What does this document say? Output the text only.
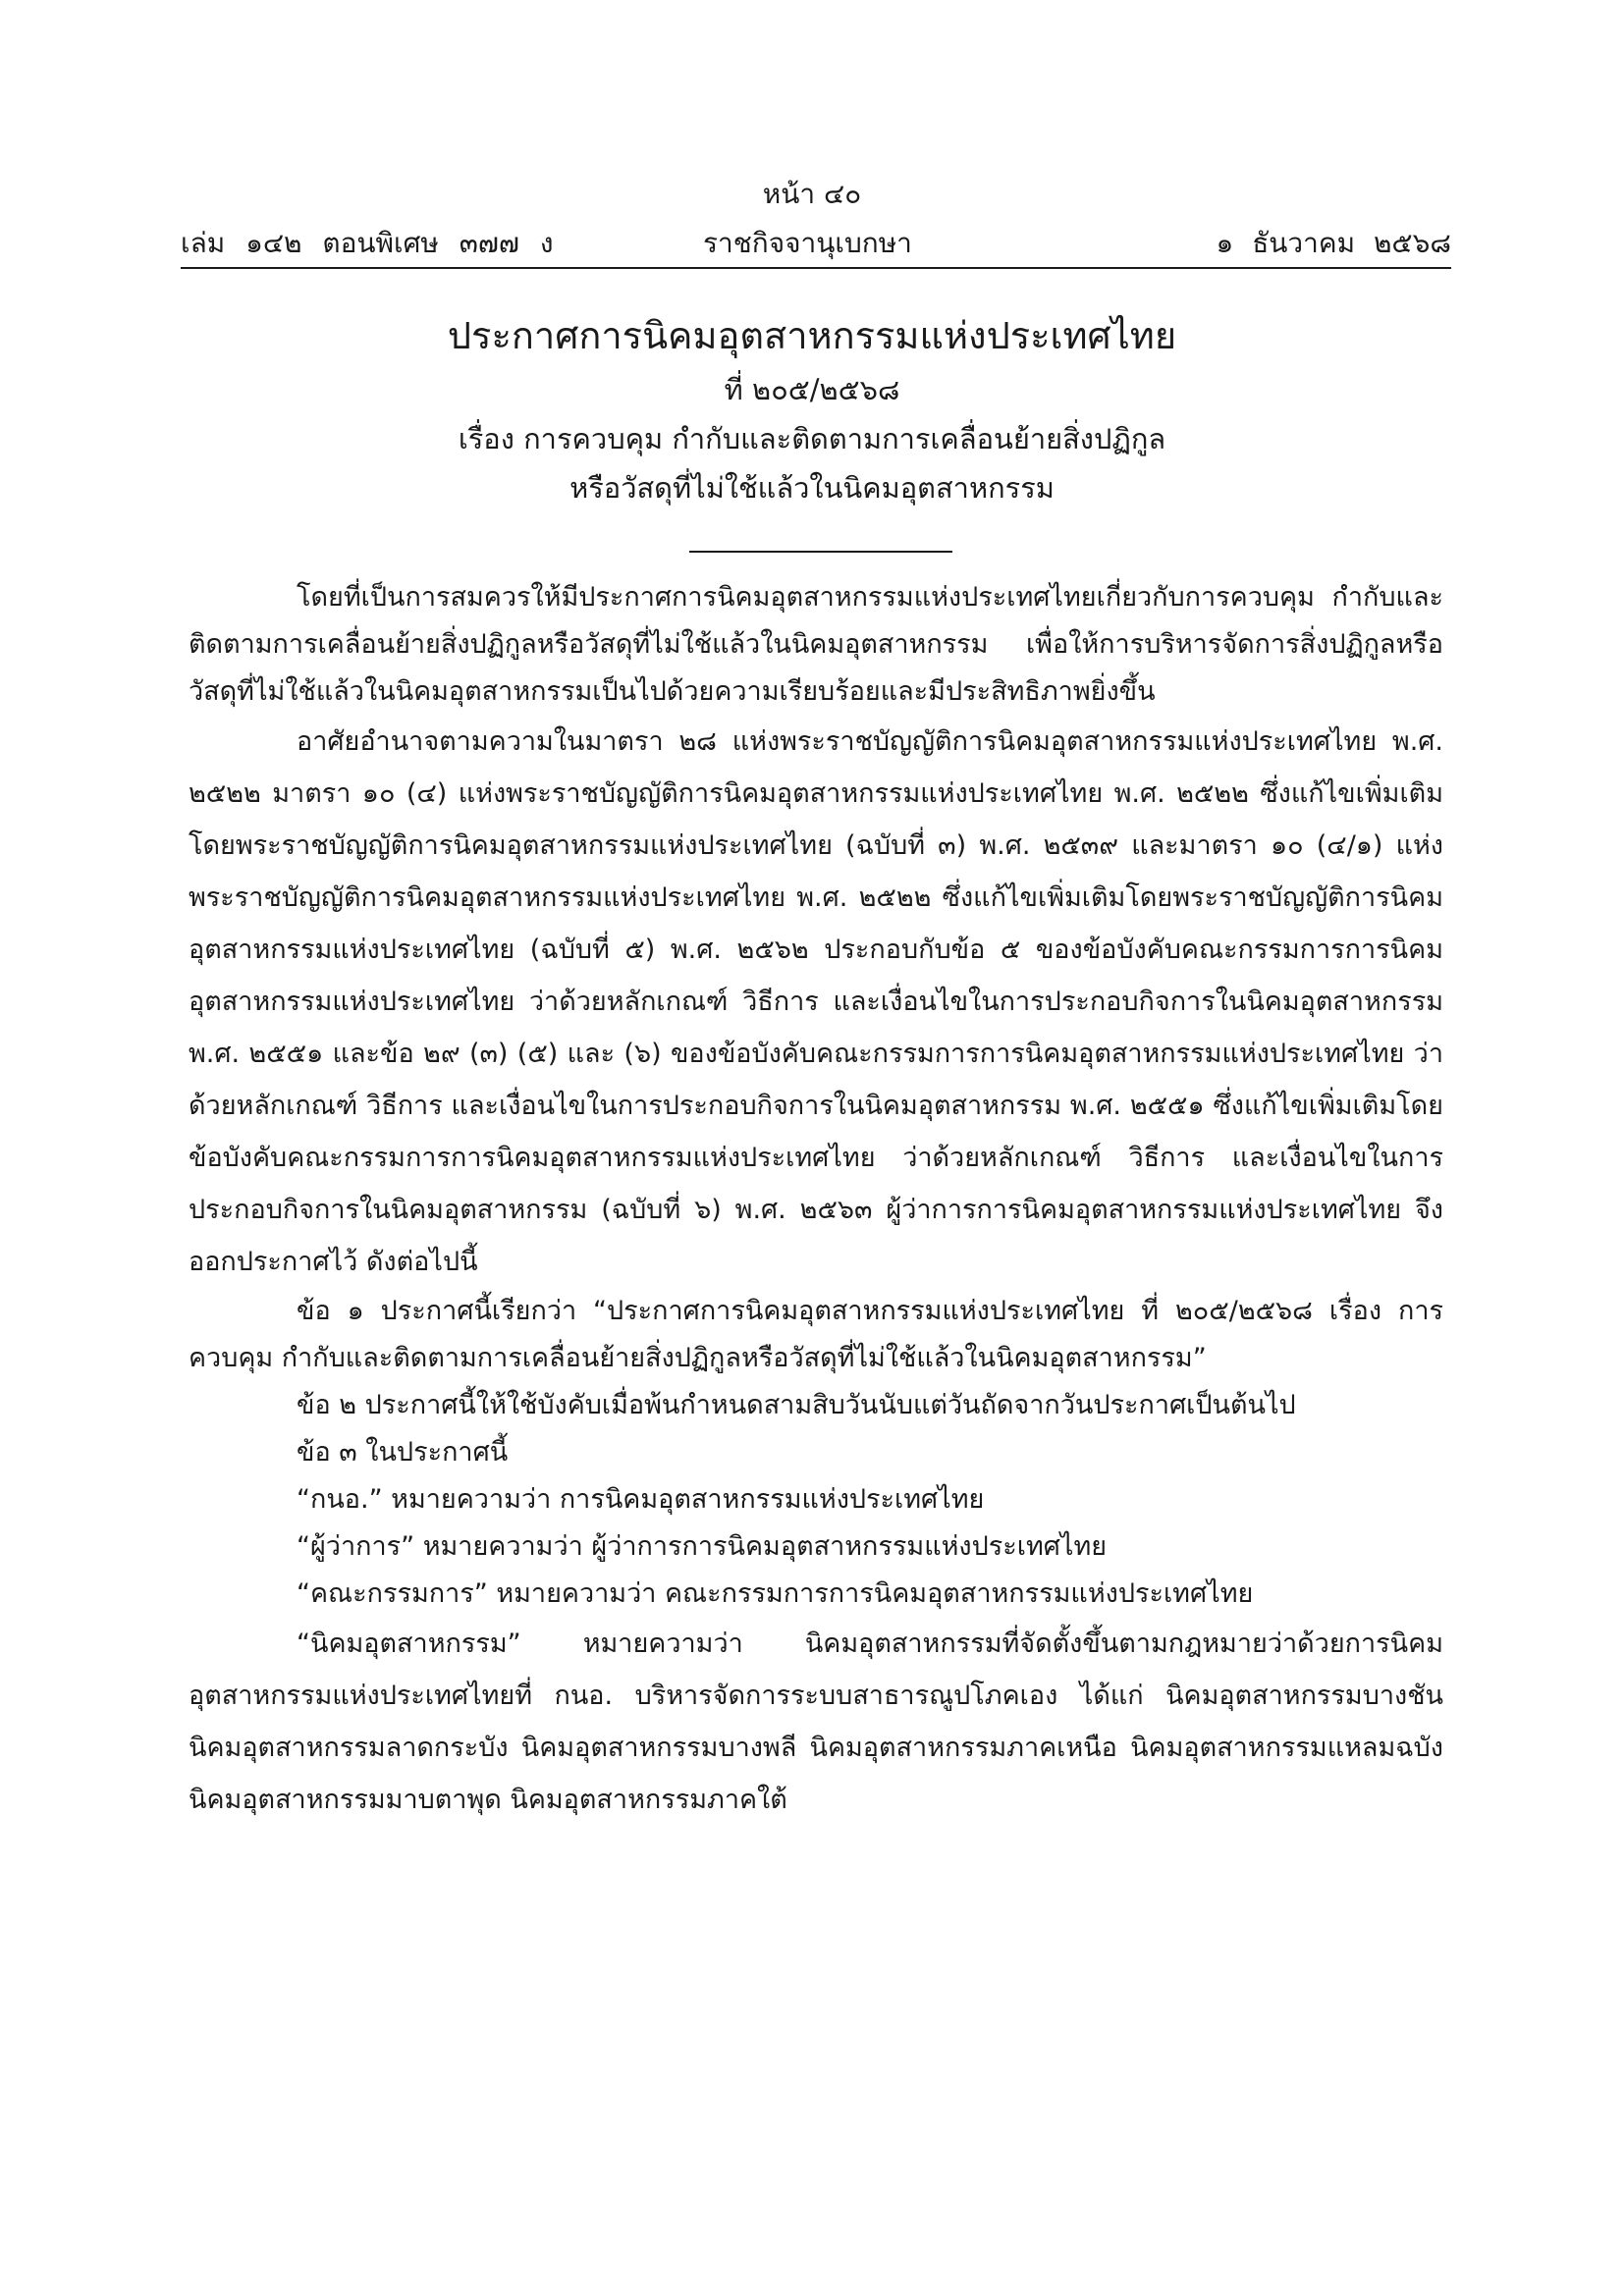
หน้า ๔๐
เล่ม ๑๔๒ ตอนพิเศษ ๓๗๗ ง	ราชกิจจานุเบกษา	๑ ธันวาคม ๒๕๖๘
ประกาศการนิคมอุตสาหกรรมแห่งประเทศไทย
ที่ ๒๐๕/๒๕๖๘
เรื่อง การควบคุม กำกับและติดตามการเคลื่อนย้ายสิ่งปฏิกูล
หรือวัสดุที่ไม่ใช้แล้วในนิคมอุตสาหกรรม

โดยที่เป็นการสมควรให้มีประกาศการนิคมอุตสาหกรรมแห่งประเทศไทยเกี่ยวกับการควบคุม กำกับและติดตามการเคลื่อนย้ายสิ่งปฏิกูลหรือวัสดุที่ไม่ใช้แล้วในนิคมอุตสาหกรรม เพื่อให้การบริหารจัดการสิ่งปฏิกูลหรือวัสดุที่ไม่ใช้แล้วในนิคมอุตสาหกรรมเป็นไปด้วยความเรียบร้อยและมีประสิทธิภาพยิ่งขึ้น

อาศัยอำนาจตามความในมาตรา ๒๘ แห่งพระราชบัญญัติการนิคมอุตสาหกรรมแห่งประเทศไทย พ.ศ. ๒๕๒๒ มาตรา ๑๐ (๔) แห่งพระราชบัญญัติการนิคมอุตสาหกรรมแห่งประเทศไทย พ.ศ. ๒๕๒๒ ซึ่งแก้ไขเพิ่มเติมโดยพระราชบัญญัติการนิคมอุตสาหกรรมแห่งประเทศไทย (ฉบับที่ ๓) พ.ศ. ๒๕๓๙ และมาตรา ๑๐ (๔/๑) แห่งพระราชบัญญัติการนิคมอุตสาหกรรมแห่งประเทศไทย พ.ศ. ๒๕๒๒ ซึ่งแก้ไขเพิ่มเติมโดยพระราชบัญญัติการนิคมอุตสาหกรรมแห่งประเทศไทย (ฉบับที่ ๕) พ.ศ. ๒๕๖๒ ประกอบกับข้อ ๕ ของข้อบังคับคณะกรรมการการนิคมอุตสาหกรรมแห่งประเทศไทย ว่าด้วยหลักเกณฑ์ วิธีการ และเงื่อนไขในการประกอบกิจการในนิคมอุตสาหกรรม พ.ศ. ๒๕๕๑ และข้อ ๒๙ (๓) (๕) และ (๖) ของข้อบังคับคณะกรรมการการนิคมอุตสาหกรรมแห่งประเทศไทย ว่าด้วยหลักเกณฑ์ วิธีการ และเงื่อนไขในการประกอบกิจการในนิคมอุตสาหกรรม พ.ศ. ๒๕๕๑ ซึ่งแก้ไขเพิ่มเติมโดยข้อบังคับคณะกรรมการการนิคมอุตสาหกรรมแห่งประเทศไทย ว่าด้วยหลักเกณฑ์ วิธีการ และเงื่อนไขในการประกอบกิจการในนิคมอุตสาหกรรม (ฉบับที่ ๖) พ.ศ. ๒๕๖๓ ผู้ว่าการการนิคมอุตสาหกรรมแห่งประเทศไทย จึงออกประกาศไว้ ดังต่อไปนี้

ข้อ ๑ ประกาศนี้เรียกว่า “ประกาศการนิคมอุตสาหกรรมแห่งประเทศไทย ที่ ๒๐๕/๒๕๖๘ เรื่อง การควบคุม กำกับและติดตามการเคลื่อนย้ายสิ่งปฏิกูลหรือวัสดุที่ไม่ใช้แล้วในนิคมอุตสาหกรรม”

ข้อ ๒ ประกาศนี้ให้ใช้บังคับเมื่อพ้นกำหนดสามสิบวันนับแต่วันถัดจากวันประกาศเป็นต้นไป

ข้อ ๓ ในประกาศนี้

“กนอ.” หมายความว่า การนิคมอุตสาหกรรมแห่งประเทศไทย

“ผู้ว่าการ” หมายความว่า ผู้ว่าการการนิคมอุตสาหกรรมแห่งประเทศไทย

“คณะกรรมการ” หมายความว่า คณะกรรมการการนิคมอุตสาหกรรมแห่งประเทศไทย

“นิคมอุตสาหกรรม” หมายความว่า นิคมอุตสาหกรรมที่จัดตั้งขึ้นตามกฎหมายว่าด้วยการนิคมอุตสาหกรรมแห่งประเทศไทยที่ กนอ. บริหารจัดการระบบสาธารณูปโภคเอง ได้แก่ นิคมอุตสาหกรรมบางชัน นิคมอุตสาหกรรมลาดกระบัง นิคมอุตสาหกรรมบางพลี นิคมอุตสาหกรรมภาคเหนือ นิคมอุตสาหกรรมแหลมฉบัง นิคมอุตสาหกรรมมาบตาพุด นิคมอุตสาหกรรมภาคใต้
